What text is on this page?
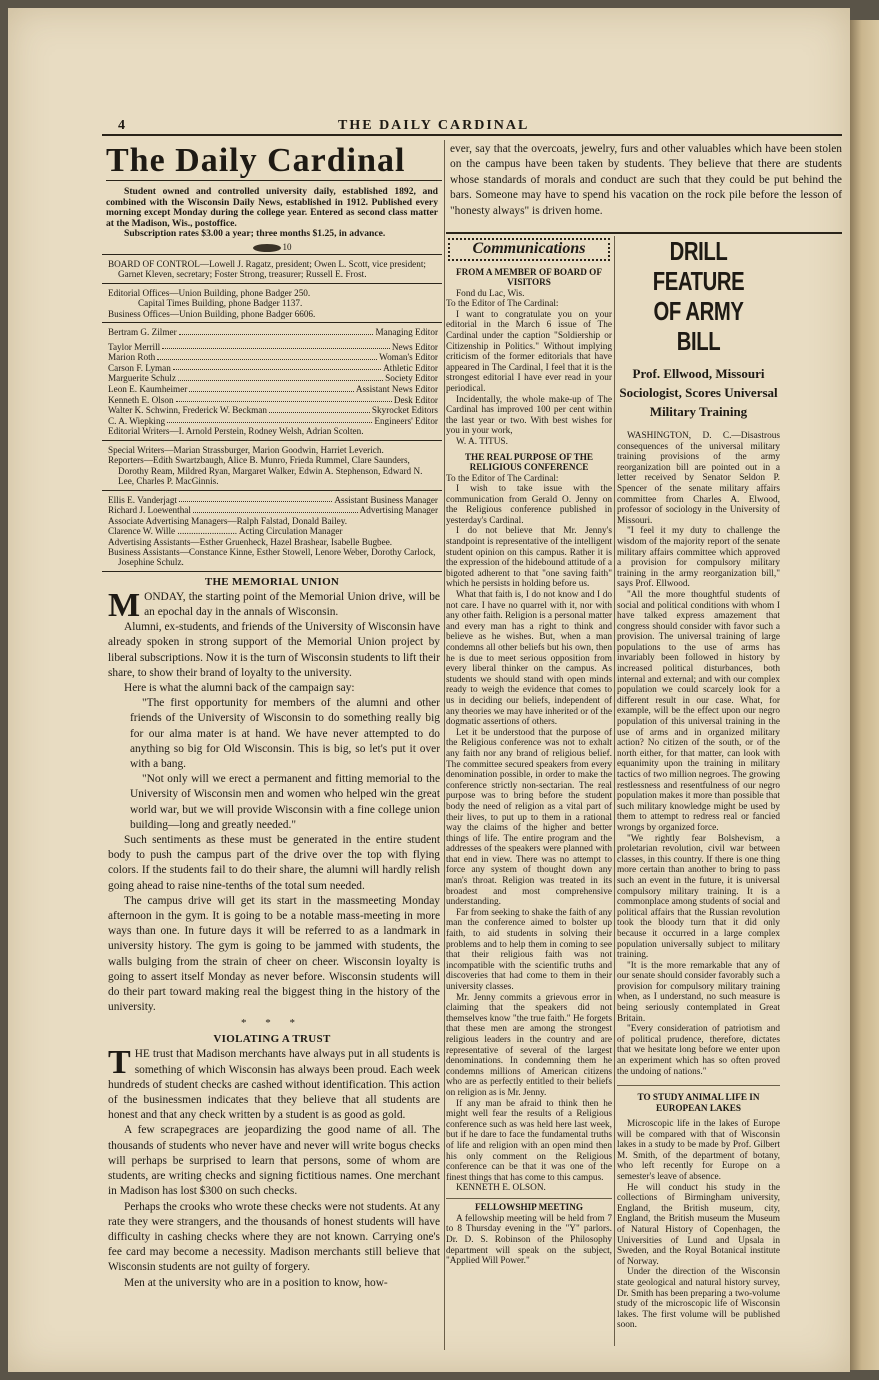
4	THE DAILY CARDINAL
The Daily Cardinal

Student owned and controlled university daily, established 1892, and combined with the Wisconsin Daily News, established in 1912. Published every morning except Monday during the college year. Entered as second class matter at the Madison, Wis., postoffice.

Subscription rates $3.00 a year; three months $1.25, in advance.

10

BOARD OF CONTROL—Lowell J. Ragatz, president; Owen L. Scott, vice president; Garnet Kleven, secretary; Foster Strong, treasurer; Russell E. Frost.

Editorial Offices—Union Building, phone Badger 250.

Capital Times Building, phone Badger 1137.

Business Offices—Union Building, phone Badger 6606.

Bertram G. Zilmer	Managing Editor
Taylor Merrill	News Editor
Marion Roth	Woman's Editor
Carson F. Lyman	Athletic Editor
Marguerite Schulz	Society Editor
Leon E. Kaumheimer	Assistant News Editor
Kenneth E. Olson	Desk Editor
Walter K. Schwinn, Frederick W. Beckman	Skyrocket Editors
C. A. Wiepking	Engineers' Editor
Editorial Writers—I. Arnold Perstein, Rodney Welsh, Adrian Scolten.

Special Writers—Marian Strassburger, Marion Goodwin, Harriet Leverich.

Reporters—Edith Swartzbaugh, Alice B. Munro, Frieda Rummel, Clare Saunders, Dorothy Ream, Mildred Ryan, Margaret Walker, Edwin A. Stephenson, Edward N. Lee, Charles P. MacGinnis.

Ellis E. Vanderjagt	Assistant Business Manager
Richard J. Loewenthal	Advertising Manager

Associate Advertising Managers—Ralph Falstad, Donald Bailey.

Clarence W. Wille .......................... Acting Circulation Manager

Advertising Assistants—Esther Gruenheck, Hazel Brashear, Isabelle Bugbee.

Business Assistants—Constance Kinne, Esther Stowell, Lenore Weber, Dorothy Carlock, Josephine Schulz.

THE MEMORIAL UNION

MONDAY, the starting point of the Memorial Union drive, will be an epochal day in the annals of Wisconsin.

Alumni, ex-students, and friends of the University of Wisconsin have already spoken in strong support of the Memorial Union project by liberal subscriptions. Now it is the turn of Wisconsin students to lift their share, to show their brand of loyalty to the university.

Here is what the alumni back of the campaign say:

"The first opportunity for members of the alumni and other friends of the University of Wisconsin to do something really big for our alma mater is at hand. We have never attempted to do anything so big for Old Wisconsin. This is big, so let's put it over with a bang.

"Not only will we erect a permanent and fitting memorial to the University of Wisconsin men and women who helped win the great world war, but we will provide Wisconsin with a fine college union building—long and greatly needed."

Such sentiments as these must be generated in the entire student body to push the campus part of the drive over the top with flying colors. If the students fail to do their share, the alumni will hardly relish going ahead to raise nine-tenths of the total sum needed.

The campus drive will get its start in the massmeeting Monday afternoon in the gym. It is going to be a notable mass-meeting in more ways than one. In future days it will be referred to as a landmark in university history. The gym is going to be jammed with students, the walls bulging from the strain of cheer on cheer. Wisconsin loyalty is going to assert itself Monday as never before. Wisconsin students will do their part toward making real the biggest thing in the history of the university.

* * *
VIOLATING A TRUST

THE trust that Madison merchants have always put in all students is something of which Wisconsin has always been proud. Each week hundreds of student checks are cashed without identification. This action of the businessmen indicates that they believe that all students are honest and that any check written by a student is as good as gold.

A few scrapegraces are jeopardizing the good name of all. The thousands of students who never have and never will write bogus checks will perhaps be surprised to learn that persons, some of whom are students, are writing checks and signing fictitious names. One merchant in Madison has lost $300 on such checks.

Perhaps the crooks who wrote these checks were not students. At any rate they were strangers, and the thousands of honest students will have difficulty in cashing checks where they are not known. Carrying one's fee card may become a necessity. Madison merchants still believe that Wisconsin students are not guilty of forgery.

Men at the university who are in a position to know, how-

ever, say that the overcoats, jewelry, furs and other valuables which have been stolen on the campus have been taken by students. They believe that there are students whose standards of morals and conduct are such that they could be put behind the bars. Someone may have to spend his vacation on the rock pile before the lesson of "honesty always" is driven home.

Communications
FROM A MEMBER OF BOARD OF VISITORS

Fond du Lac, Wis.

To the Editor of The Cardinal:

I want to congratulate you on your editorial in the March 6 issue of The Cardinal under the caption "Soldiership or Citizenship in Politics." Without implying criticism of the former editorials that have appeared in The Cardinal, I feel that it is the strongest editorial I have ever read in your periodical.

Incidentally, the whole make-up of The Cardinal has improved 100 per cent within the last year or two. With best wishes for you in your work,

W. A. TITUS.

THE REAL PURPOSE OF THE RELIGIOUS CONFERENCE

To the Editor of The Cardinal:

I wish to take issue with the communication from Gerald O. Jenny on the Religious conference published in yesterday's Cardinal.

I do not believe that Mr. Jenny's standpoint is representative of the intelligent student opinion on this campus. Rather it is the expression of the hidebound attitude of a bigoted adherent to that "one saving faith" which he persists in holding before us.

What that faith is, I do not know and I do not care. I have no quarrel with it, nor with any other faith. Religion is a personal matter and every man has a right to think and believe as he wishes. But, when a man condemns all other beliefs but his own, then he is due to meet serious opposition from every liberal thinker on the campus. As students we should stand with open minds ready to weigh the evidence that comes to us in deciding our beliefs, independent of any theories we may have inherited or of the dogmatic assertions of others.

Let it be understood that the purpose of the Religious conference was not to exhalt any faith nor any brand of religious belief. The committee secured speakers from every denomination possible, in order to make the conference strictly non-sectarian. The real purpose was to bring before the student body the need of religion as a vital part of their lives, to put up to them in a rational way the claims of the higher and better things of life. The entire program and the addresses of the speakers were planned with that end in view. There was no attempt to force any system of thought down any man's throat. Religion was treated in its broadest and most comprehensive understanding.

Far from seeking to shake the faith of any man the conference aimed to bolster up faith, to aid students in solving their problems and to help them in coming to see that their religious faith was not incompatible with the scientific truths and discoveries that had come to them in their university classes.

Mr. Jenny commits a grievous error in claiming that the speakers did not themselves know "the true faith." He forgets that these men are among the strongest religious leaders in the country and are representative of several of the largest denominations. In condemning them he condemns millions of American citizens who are as perfectly entitled to their beliefs on religion as is Mr. Jenny.

If any man be afraid to think then he might well fear the results of a Religious conference such as was held here last week, but if he dare to face the fundamental truths of life and religion with an open mind then his only comment on the Religious conference can be that it was one of the finest things that has come to this campus.

KENNETH E. OLSON.

FELLOWSHIP MEETING

A fellowship meeting will be held from 7 to 8 Thursday evening in the "Y" parlors. Dr. D. S. Robinson of the Philosophy department will speak on the subject, "Applied Will Power."

DRILL FEATURE
OF ARMY BILL
Prof. Ellwood, Missouri Sociologist, Scores Universal Military Training

WASHINGTON, D. C.—Disastrous consequences of the universal military training provisions of the army reorganization bill are pointed out in a letter received by Senator Seldon P. Spencer of the senate military affairs committee from Charles A. Elwood, professor of sociology in the University of Missouri.

"I feel it my duty to challenge the wisdom of the majority report of the senate military affairs committee which approved a provision for compulsory military training in the army reorganization bill," says Prof. Ellwood.

"All the more thoughtful students of social and political conditions with whom I have talked express amazement that congress should consider with favor such a provision. The universal training of large populations to the use of arms has invariably been followed in history by increased political disturbances, both internal and external; and with our complex population we could scarcely look for a different result in our case. What, for example, will be the effect upon our negro population of this universal training in the use of arms and in organized military action? No citizen of the south, or of the north either, for that matter, can look with equanimity upon the training in military tactics of two million negroes. The growing restlessness and resentfulness of our negro population makes it more than possible that such military knowledge might be used by them to attempt to redress real or fancied wrongs by organized force.

"We rightly fear Bolshevism, a proletarian revolution, civil war between classes, in this country. If there is one thing more certain than another to bring to pass such an event in the future, it is universal compulsory military training. It is a commonplace among students of social and political affairs that the Russian revolution took the bloody turn that it did only because it occurred in a large complex population universally subject to military training.

"It is the more remarkable that any of our senate should consider favorably such a provision for compulsory military training when, as I understand, no such measure is being seriously contemplated in Great Britain.

"Every consideration of patriotism and of political prudence, therefore, dictates that we hesitate long before we enter upon an experiment which has so often proved the undoing of nations."

TO STUDY ANIMAL LIFE IN EUROPEAN LAKES

Microscopic life in the lakes of Europe will be compared with that of Wisconsin lakes in a study to be made by Prof. Gilbert M. Smith, of the department of botany, who left recently for Europe on a semester's leave of absence.

He will conduct his study in the collections of Birmingham university, England, the British museum, city, England, the British museum the Museum of Natural History of Copenhagen, the Universities of Lund and Upsala in Sweden, and the Royal Botanical institute of Norway.

Under the direction of the Wisconsin state geological and natural history survey, Dr. Smith has been preparing a two-volume study of the microscopic life of Wisconsin lakes. The first volume will be published soon.
